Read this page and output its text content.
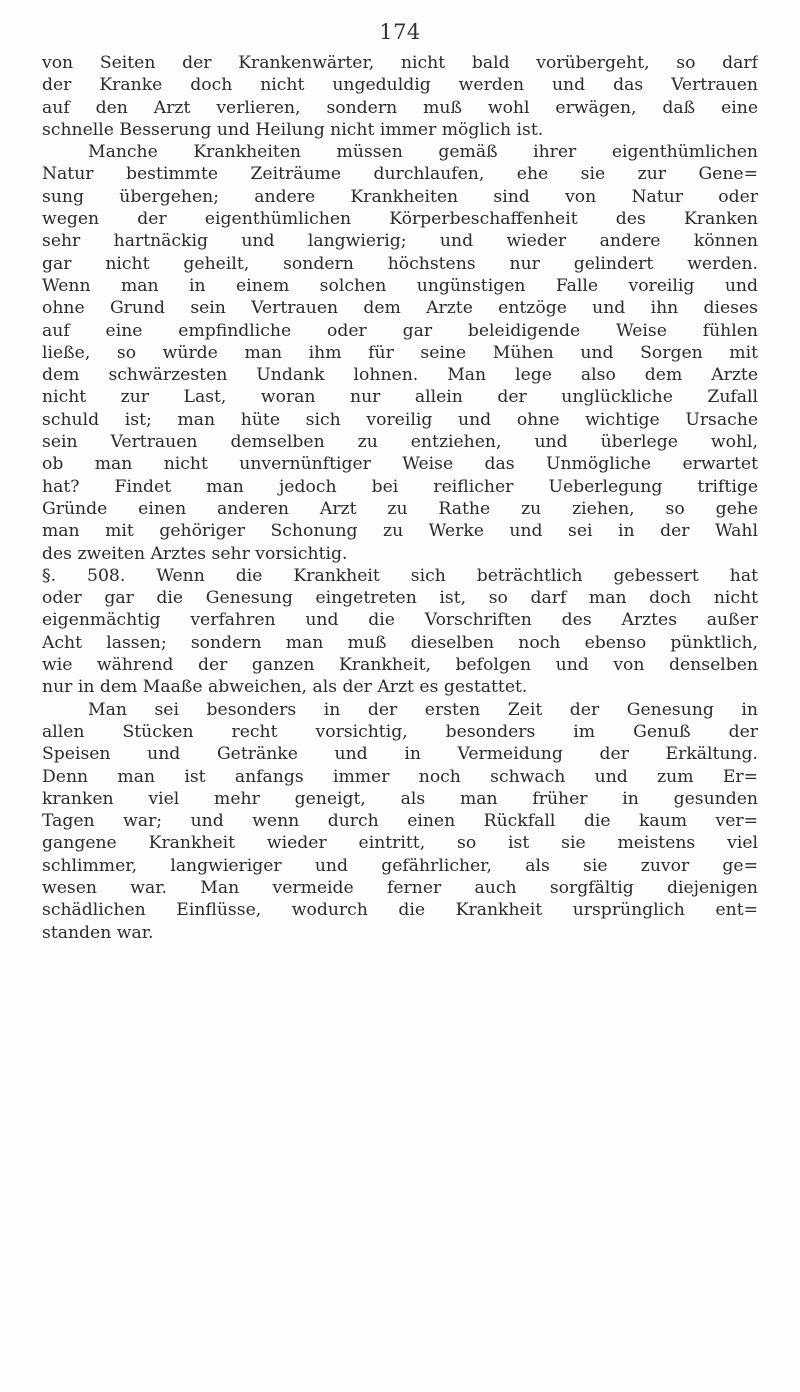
174
von Seiten der Krankenwärter, nicht bald vorübergeht, so darf
der Kranke doch nicht ungeduldig werden und das Vertrauen
auf den Arzt verlieren, sondern muß wohl erwägen, daß eine
schnelle Besserung und Heilung nicht immer möglich ist.
Manche Krankheiten müssen gemäß ihrer eigenthümlichen
Natur bestimmte Zeiträume durchlaufen, ehe sie zur Gene=
sung übergehen; andere Krankheiten sind von Natur oder
wegen der eigenthümlichen Körperbeschaffenheit des Kranken
sehr hartnäckig und langwierig; und wieder andere können
gar nicht geheilt, sondern höchstens nur gelindert werden.
Wenn man in einem solchen ungünstigen Falle voreilig und
ohne Grund sein Vertrauen dem Arzte entzöge und ihn dieses
auf eine empfindliche oder gar beleidigende Weise fühlen
ließe, so würde man ihm für seine Mühen und Sorgen mit
dem schwärzesten Undank lohnen. Man lege also dem Arzte
nicht zur Last, woran nur allein der unglückliche Zufall
schuld ist; man hüte sich voreilig und ohne wichtige Ursache
sein Vertrauen demselben zu entziehen, und überlege wohl,
ob man nicht unvernünftiger Weise das Unmögliche erwartet
hat? Findet man jedoch bei reiflicher Ueberlegung triftige
Gründe einen anderen Arzt zu Rathe zu ziehen, so gehe
man mit gehöriger Schonung zu Werke und sei in der Wahl
des zweiten Arztes sehr vorsichtig.
§. 508. Wenn die Krankheit sich beträchtlich gebessert hat
oder gar die Genesung eingetreten ist, so darf man doch nicht
eigenmächtig verfahren und die Vorschriften des Arztes außer
Acht lassen; sondern man muß dieselben noch ebenso pünktlich,
wie während der ganzen Krankheit, befolgen und von denselben
nur in dem Maaße abweichen, als der Arzt es gestattet.
Man sei besonders in der ersten Zeit der Genesung in
allen Stücken recht vorsichtig, besonders im Genuß der
Speisen und Getränke und in Vermeidung der Erkältung.
Denn man ist anfangs immer noch schwach und zum Er=
kranken viel mehr geneigt, als man früher in gesunden
Tagen war; und wenn durch einen Rückfall die kaum ver=
gangene Krankheit wieder eintritt, so ist sie meistens viel
schlimmer, langwieriger und gefährlicher, als sie zuvor ge=
wesen war. Man vermeide ferner auch sorgfältig diejenigen
schädlichen Einflüsse, wodurch die Krankheit ursprünglich ent=
standen war.
